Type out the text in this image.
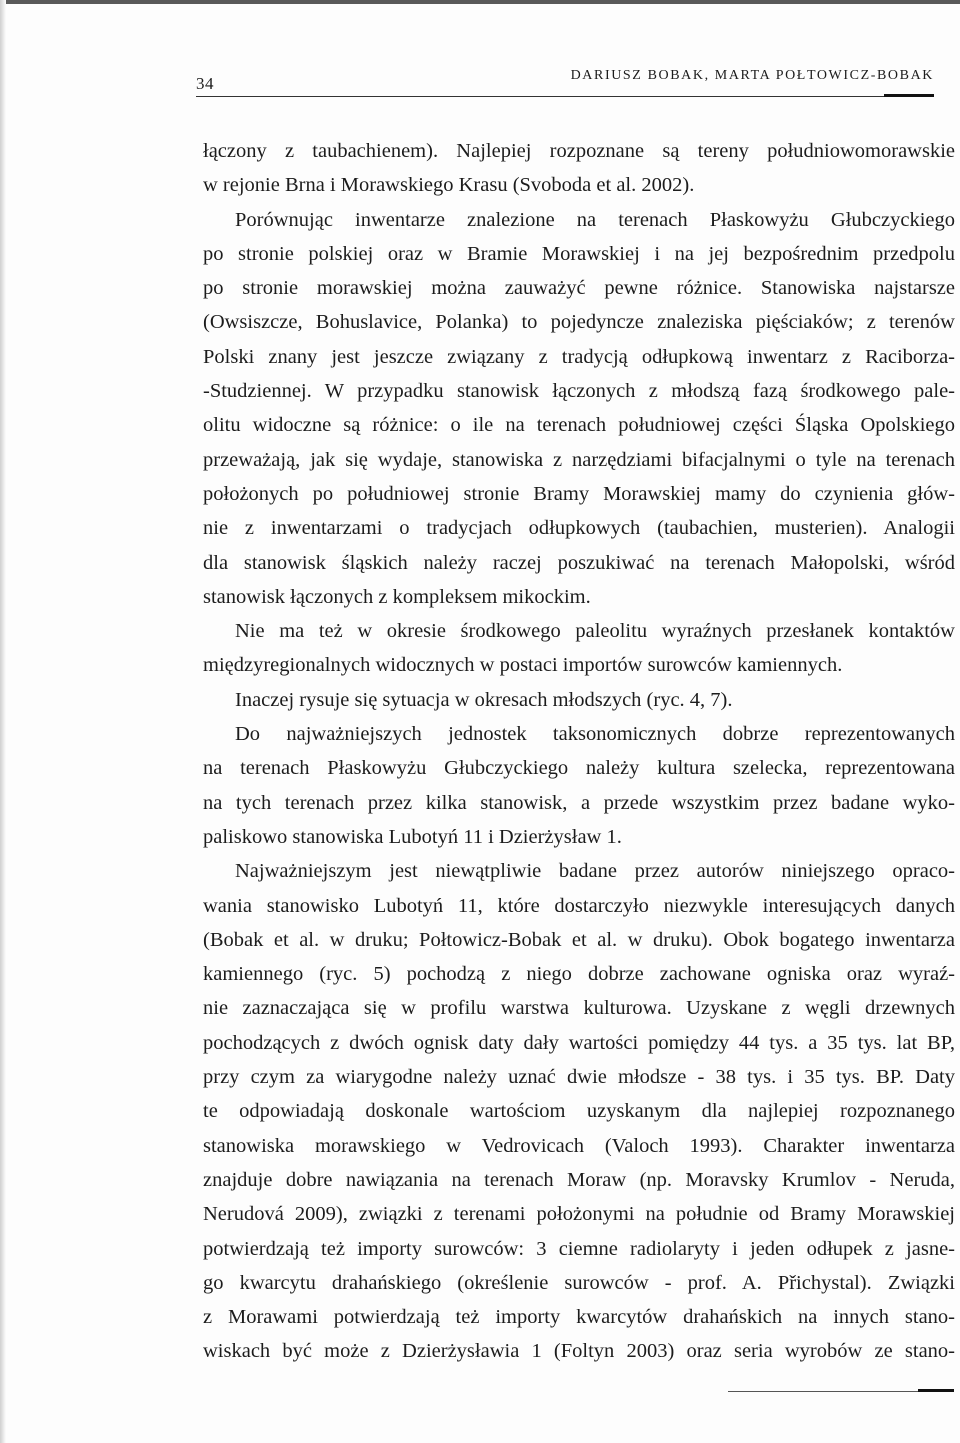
34	DARIUSZ BOBAK, MARTA POŁTOWICZ-BOBAK
łączony z taubachienem). Najlepiej rozpoznane są tereny południowomorawskie
w rejonie Brna i Morawskiego Krasu (Svoboda et al. 2002).
Porównując inwentarze znalezione na terenach Płaskowyżu Głubczyckiego
po stronie polskiej oraz w Bramie Morawskiej i na jej bezpośrednim przedpolu
po stronie morawskiej można zauważyć pewne różnice. Stanowiska najstarsze
(Owsiszcze, Bohuslavice, Polanka) to pojedyncze znaleziska pięściaków; z terenów
Polski znany jest jeszcze związany z tradycją odłupkową inwentarz z Raciborza-
-Studziennej. W przypadku stanowisk łączonych z młodszą fazą środkowego pale-
olitu widoczne są różnice: o ile na terenach południowej części Śląska Opolskiego
przeważają, jak się wydaje, stanowiska z narzędziami bifacjalnymi o tyle na terenach
położonych po południowej stronie Bramy Morawskiej mamy do czynienia głów-
nie z inwentarzami o tradycjach odłupkowych (taubachien, musterien). Analogii
dla stanowisk śląskich należy raczej poszukiwać na terenach Małopolski, wśród
stanowisk łączonych z kompleksem mikockim.
Nie ma też w okresie środkowego paleolitu wyraźnych przesłanek kontaktów
międzyregionalnych widocznych w postaci importów surowców kamiennych.
Inaczej rysuje się sytuacja w okresach młodszych (ryc. 4, 7).
Do najważniejszych jednostek taksonomicznych dobrze reprezentowanych
na terenach Płaskowyżu Głubczyckiego należy kultura szelecka, reprezentowana
na tych terenach przez kilka stanowisk, a przede wszystkim przez badane wyko-
paliskowo stanowiska Lubotyń 11 i Dzierżysław 1.
Najważniejszym jest niewątpliwie badane przez autorów niniejszego opraco-
wania stanowisko Lubotyń 11, które dostarczyło niezwykle interesujących danych
(Bobak et al. w druku; Połtowicz-Bobak et al. w druku). Obok bogatego inwentarza
kamiennego (ryc. 5) pochodzą z niego dobrze zachowane ogniska oraz wyraź-
nie zaznaczająca się w profilu warstwa kulturowa. Uzyskane z węgli drzewnych
pochodzących z dwóch ognisk daty dały wartości pomiędzy 44 tys. a 35 tys. lat BP,
przy czym za wiarygodne należy uznać dwie młodsze - 38 tys. i 35 tys. BP. Daty
te odpowiadają doskonale wartościom uzyskanym dla najlepiej rozpoznanego
stanowiska morawskiego w Vedrovicach (Valoch 1993). Charakter inwentarza
znajduje dobre nawiązania na terenach Moraw (np. Moravsky Krumlov - Neruda,
Nerudová 2009), związki z terenami położonymi na południe od Bramy Morawskiej
potwierdzają też importy surowców: 3 ciemne radiolaryty i jeden odłupek z jasne-
go kwarcytu drahańskiego (określenie surowców - prof. A. Přichystal). Związki
z Morawami potwierdzają też importy kwarcytów drahańskich na innych stano-
wiskach być może z Dzierżysławia 1 (Foltyn 2003) oraz seria wyrobów ze stano-
